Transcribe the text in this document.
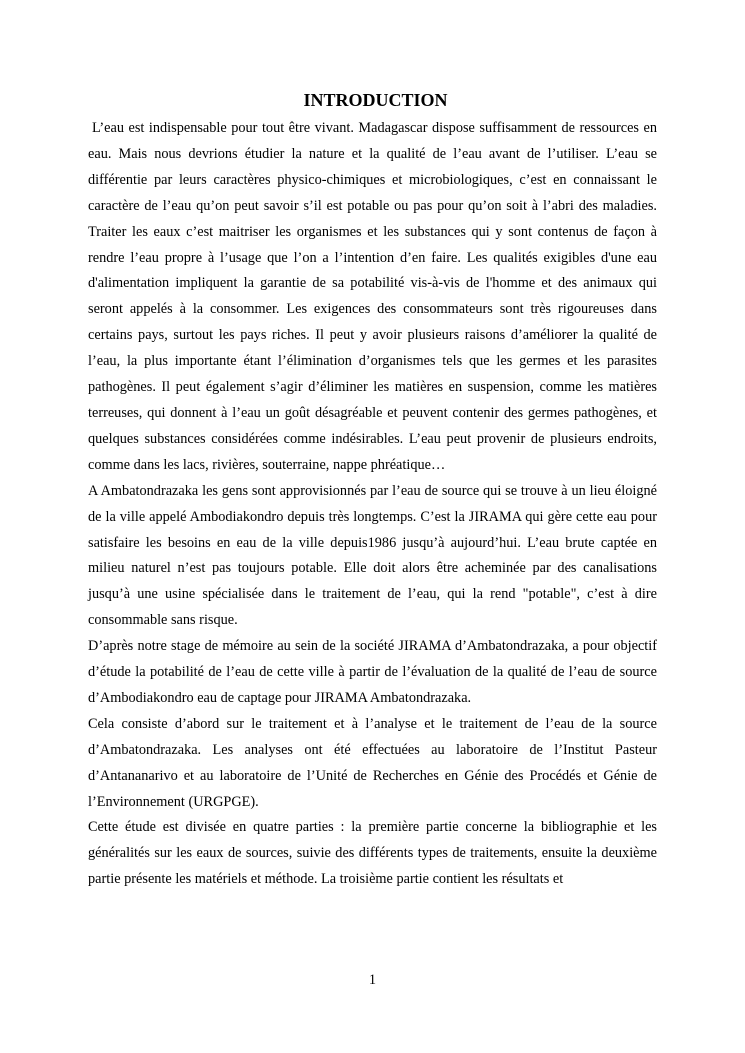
INTRODUCTION

L’eau est indispensable pour tout être vivant. Madagascar dispose suffisamment de ressources en eau. Mais nous devrions étudier la nature et la qualité de l’eau avant de l’utiliser. L’eau se différentie par leurs caractères physico-chimiques et microbiologiques, c’est en connaissant le caractère de l’eau qu’on peut savoir s’il est potable ou pas pour qu’on soit à l’abri des maladies. Traiter les eaux c’est maitriser les organismes et les substances qui y sont contenus de façon à rendre l’eau propre à l’usage que l’on a l’intention d’en faire. Les qualités exigibles d'une eau d'alimentation impliquent la garantie de sa potabilité vis-à-vis de l'homme et des animaux qui seront appelés à la consommer. Les exigences des consommateurs sont très rigoureuses dans certains pays, surtout les pays riches. Il peut y avoir plusieurs raisons d’améliorer la qualité de l’eau, la plus importante étant l’élimination d’organismes tels que les germes et les parasites pathogènes. Il peut également s’agir d’éliminer les matières en suspension, comme les matières terreuses, qui donnent à l’eau un goût désagréable et peuvent contenir des germes pathogènes, et quelques substances considérées comme indésirables. L’eau peut provenir de plusieurs endroits, comme dans les lacs, rivières, souterraine, nappe phréatique…

A Ambatondrazaka les gens sont approvisionnés par l’eau de source qui se trouve à un lieu éloigné de la ville appelé Ambodiakondro depuis très longtemps. C’est la JIRAMA qui gère cette eau pour satisfaire les besoins en eau de la ville depuis1986 jusqu’à aujourd’hui. L’eau brute captée en milieu naturel n’est pas toujours potable. Elle doit alors être acheminée par des canalisations jusqu’à une usine spécialisée dans le traitement de l’eau, qui la rend "potable", c’est à dire consommable sans risque.

D’après notre stage de mémoire au sein de la société JIRAMA d’Ambatondrazaka, a pour objectif d’étude la potabilité de l’eau de cette ville à partir de l’évaluation de la qualité de l’eau de source d’Ambodiakondro eau de captage pour JIRAMA Ambatondrazaka.

Cela consiste d’abord sur le traitement et à l’analyse et le traitement de l’eau de la source d’Ambatondrazaka. Les analyses ont été effectuées au laboratoire de l’Institut Pasteur d’Antananarivo et au laboratoire de l’Unité de Recherches en Génie des Procédés et Génie de l’Environnement (URGPGE).

Cette étude est divisée en quatre parties : la première partie concerne la bibliographie et les généralités sur les eaux de sources, suivie des différents types de traitements, ensuite la deuxième partie présente les matériels et méthode. La troisième partie contient les résultats et

1
